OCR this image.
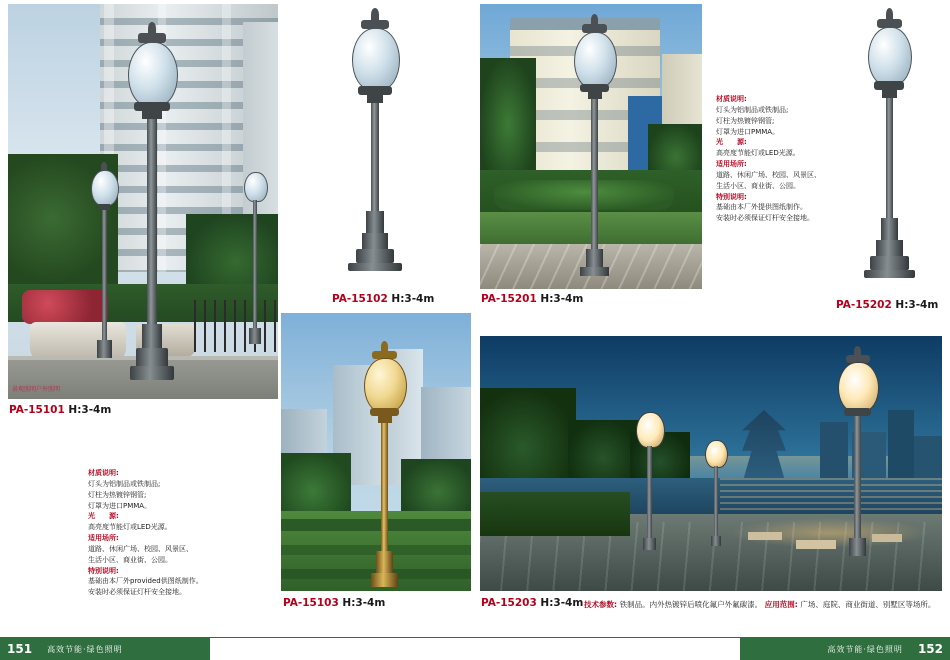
景观照明户外照明
PA-15101 H:3-4m
PA-15102 H:3-4m
PA-15103 H:3-4m
材质说明:
灯头为铝制品或铁制品;
灯柱为热镀锌钢管;
灯罩为进口PMMA。
光　　源:
高亮度节能灯或LED光源。
适用场所:
道路、休闲广场、校园、风景区、
生活小区、商业街、公园。
特别说明:
基础由本厂外provided供图纸制作。
安装时必须保证灯杆安全接地。
PA-15201 H:3-4m
材质说明:
灯头为铝制品或铁制品;
灯柱为热镀锌钢管;
灯罩为进口PMMA。
光　　源:
高亮度节能灯或LED光源。
适用场所:
道路、休闲广场、校园、风景区、
生活小区、商业街、公园。
特别说明:
基础由本厂外提供图纸制作。
安装时必须保证灯杆安全接地。
PA-15202 H:3-4m
PA-15203 H:3-4m 技术参数: 铁制品。内外热镀锌后喷化氟户外氟碳漆。 应用范围: 广场、庭院、商业街道、别墅区等场所。
151	高效节能·绿色照明	高效节能·绿色照明	152
